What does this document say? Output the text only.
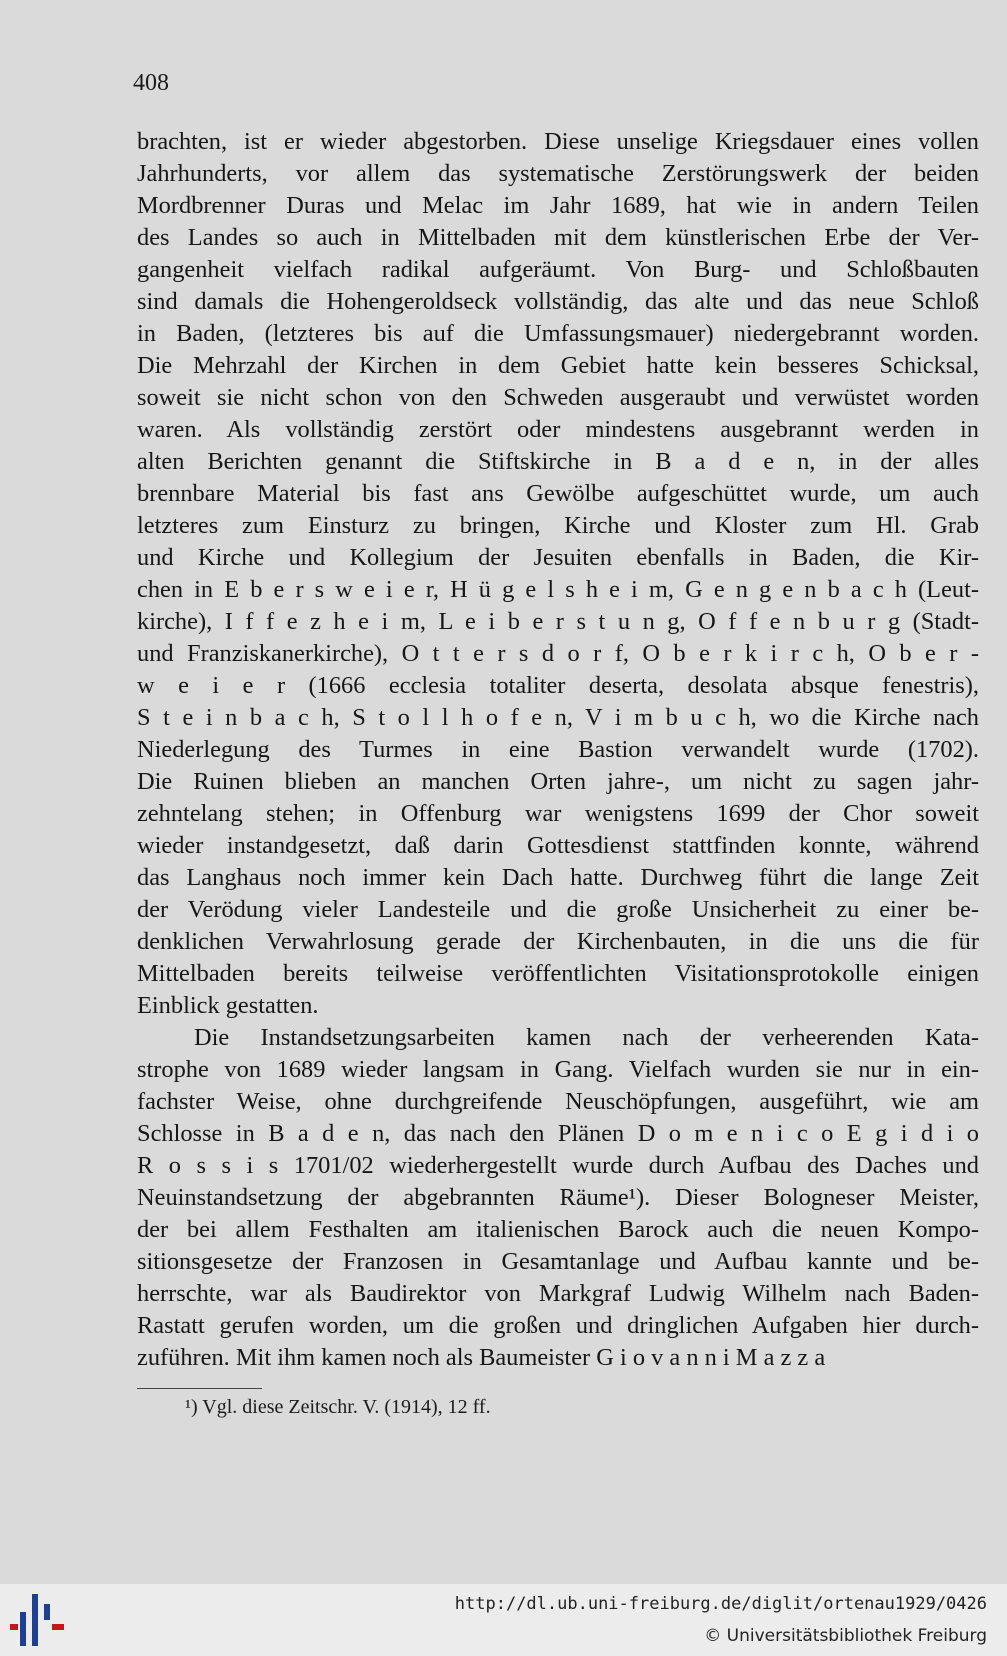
408
brachten, ist er wieder abgestorben. Diese unselige Kriegsdauer eines vollen
Jahrhunderts, vor allem das systematische Zerstörungswerk der beiden
Mordbrenner Duras und Melac im Jahr 1689, hat wie in andern Teilen
des Landes so auch in Mittelbaden mit dem künstlerischen Erbe der Ver-
gangenheit vielfach radikal aufgeräumt. Von Burg- und Schloßbauten
sind damals die Hohengeroldseck vollständig, das alte und das neue Schloß
in Baden, (letzteres bis auf die Umfassungsmauer) niedergebrannt worden.
Die Mehrzahl der Kirchen in dem Gebiet hatte kein besseres Schicksal,
soweit sie nicht schon von den Schweden ausgeraubt und verwüstet worden
waren. Als vollständig zerstört oder mindestens ausgebrannt werden in
alten Berichten genannt die Stiftskirche in B a d e n, in der alles
brennbare Material bis fast ans Gewölbe aufgeschüttet wurde, um auch
letzteres zum Einsturz zu bringen, Kirche und Kloster zum Hl. Grab
und Kirche und Kollegium der Jesuiten ebenfalls in Baden, die Kir-
chen in E b e r s w e i e r, H ü g e l s h e i m, G e n g e n b a c h (Leut-
kirche), I f f e z h e i m, L e i b e r s t u n g, O f f e n b u r g (Stadt-
und Franziskanerkirche), O t t e r s d o r f, O b e r k i r c h, O b e r -
w e i e r (1666 ecclesia totaliter deserta, desolata absque fenestris),
S t e i n b a c h, S t o l l h o f e n, V i m b u c h, wo die Kirche nach
Niederlegung des Turmes in eine Bastion verwandelt wurde (1702).
Die Ruinen blieben an manchen Orten jahre-, um nicht zu sagen jahr-
zehntelang stehen; in Offenburg war wenigstens 1699 der Chor soweit
wieder instandgesetzt, daß darin Gottesdienst stattfinden konnte, während
das Langhaus noch immer kein Dach hatte. Durchweg führt die lange Zeit
der Verödung vieler Landesteile und die große Unsicherheit zu einer be-
denklichen Verwahrlosung gerade der Kirchenbauten, in die uns die für
Mittelbaden bereits teilweise veröffentlichten Visitationsprotokolle einigen
Einblick gestatten.
Die Instandsetzungsarbeiten kamen nach der verheerenden Kata-
strophe von 1689 wieder langsam in Gang. Vielfach wurden sie nur in ein-
fachster Weise, ohne durchgreifende Neuschöpfungen, ausgeführt, wie am
Schlosse in B a d e n, das nach den Plänen D o m e n i c o E g i d i o
R o s s i s 1701/02 wiederhergestellt wurde durch Aufbau des Daches und
Neuinstandsetzung der abgebrannten Räume¹). Dieser Bologneser Meister,
der bei allem Festhalten am italienischen Barock auch die neuen Kompo-
sitionsgesetze der Franzosen in Gesamtanlage und Aufbau kannte und be-
herrschte, war als Baudirektor von Markgraf Ludwig Wilhelm nach Baden-
Rastatt gerufen worden, um die großen und dringlichen Aufgaben hier durch-
zuführen. Mit ihm kamen noch als Baumeister G i o v a n n i M a z z a
¹) Vgl. diese Zeitschr. V. (1914), 12 ff.
http://dl.ub.uni-freiburg.de/diglit/ortenau1929/0426
© Universitätsbibliothek Freiburg
